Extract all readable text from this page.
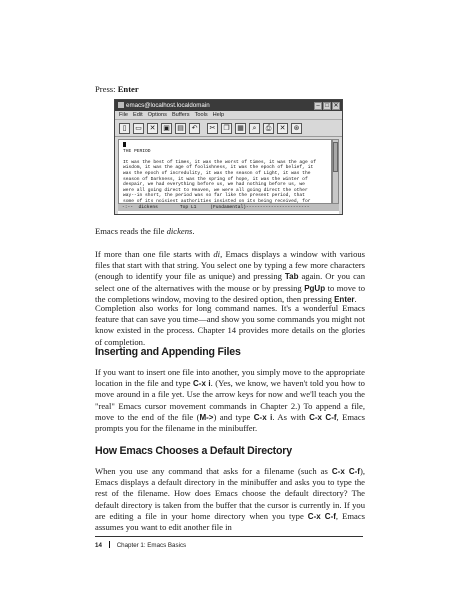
Press: Enter
emacs@localhost.localdomain	– □ ✕
File Edit Options Buffers Tools Help
▯	▭	✕	▣	▤	↶	✂	❐	▦	⌕	⎙	✕	⊛

THE PERIOD

It was the best of times, it was the worst of times, it was the age of
wisdom, it was the age of foolishness, it was the epoch of belief, it
was the epoch of incredulity, it was the season of Light, it was the
season of Darkness, it was the spring of hope, it was the winter of
despair, we had everything before us, we had nothing before us, we
were all going direct to Heaven, we were all going direct the other
way--in short, the period was so far like the present period, that
some of its noisiest authorities insisted on its being received, for

-:--  dickens        Top L1     (Fundamental)-----------------------
Emacs reads the file dickens.

If more than one file starts with di, Emacs displays a window with various files that start with that string. You select one by typing a few more characters (enough to identify your file as unique) and pressing Tab again. Or you can select one of the alternatives with the mouse or by pressing PgUp to move to the completions window, moving to the desired option, then pressing Enter.

Completion also works for long command names. It's a wonderful Emacs feature that can save you time—and show you some commands you might not know existed in the process. Chapter 14 provides more details on the glories of completion.

Inserting and Appending Files

If you want to insert one file into another, you simply move to the appropriate location in the file and type C-x i. (Yes, we know, we haven't told you how to move around in a file yet. Use the arrow keys for now and we'll teach you the "real" Emacs cursor movement commands in Chapter 2.) To append a file, move to the end of the file (M->) and type C-x i. As with C-x C-f, Emacs prompts you for the filename in the minibuffer.

How Emacs Chooses a Default Directory

When you use any command that asks for a filename (such as C-x C-f), Emacs displays a default directory in the minibuffer and asks you to type the rest of the filename. How does Emacs choose the default directory? The default directory is taken from the buffer that the cursor is currently in. If you are editing a file in your home directory when you type C-x C-f, Emacs assumes you want to edit another file in

14 Chapter 1: Emacs Basics
